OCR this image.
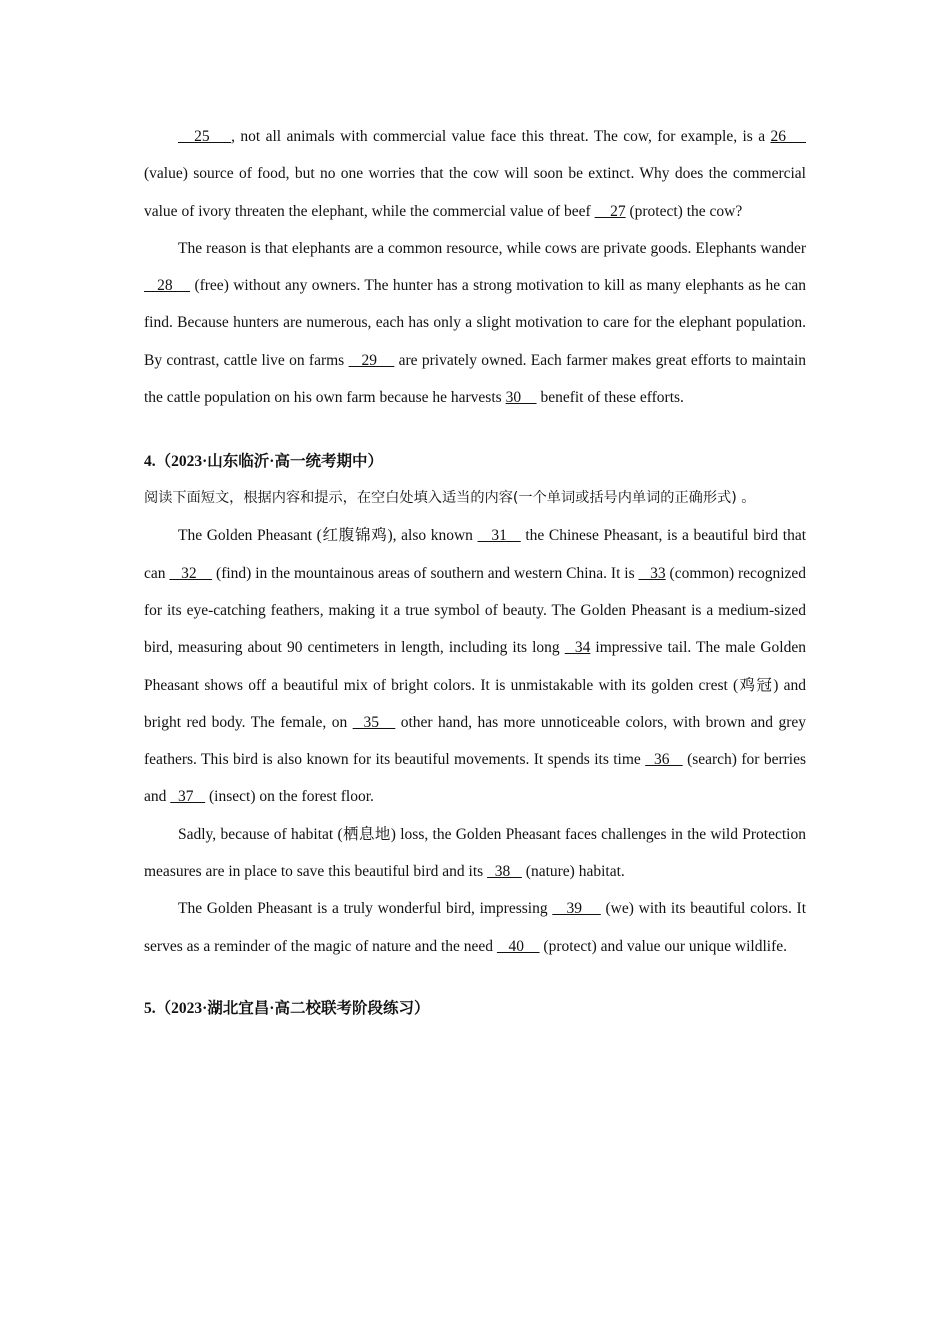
25    , not all animals with commercial value face this threat. The cow, for example, is a 26     (value) source of food, but no one worries that the cow will soon be extinct. Why does the commercial value of ivory threaten the elephant, while the commercial value of beef     27 (protect) the cow?

The reason is that elephants are a common resource, while cows are private goods. Elephants wander    28     (free) without any owners. The hunter has a strong motivation to kill as many elephants as he can find. Because hunters are numerous, each has only a slight motivation to care for the elephant population. By contrast, cattle live on farms    29     are privately owned. Each farmer makes great efforts to maintain the cattle population on his own farm because he harvests 30     benefit of these efforts.

4.（2023·山东临沂·高一统考期中）

阅读下面短文，根据内容和提示，在空白处填入适当的内容(一个单词或括号内单词的正确形式) 。

The Golden Pheasant (红腹锦鸡), also known    31    the Chinese Pheasant, is a beautiful bird that can    32     (find) in the mountainous areas of southern and western China. It is    33 (common) recognized for its eye-catching feathers, making it a true symbol of beauty. The Golden Pheasant is a medium-sized bird, measuring about 90 centimeters in length, including its long   34 impressive tail. The male Golden Pheasant shows off a beautiful mix of bright colors. It is unmistakable with its golden crest (鸡冠) and bright red body. The female, on   35    other hand, has more unnoticeable colors, with brown and grey feathers. This bird is also known for its beautiful movements. It spends its time   36    (search) for berries and   37    (insect) on the forest floor.

Sadly, because of habitat (栖息地) loss, the Golden Pheasant faces challenges in the wild Protection measures are in place to save this beautiful bird and its   38    (nature) habitat.

The Golden Pheasant is a truly wonderful bird, impressing    39     (we) with its beautiful colors. It serves as a reminder of the magic of nature and the need    40     (protect) and value our unique wildlife.

5.（2023·湖北宜昌·高二校联考阶段练习）
